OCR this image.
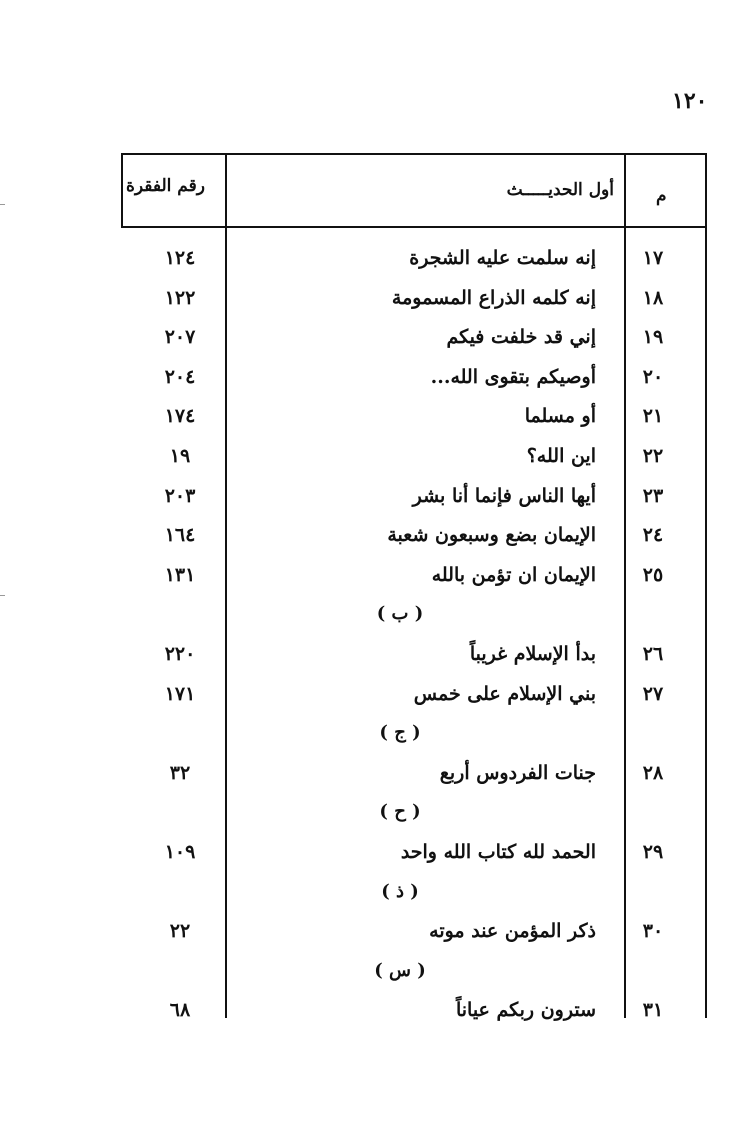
١٢٠
م
أول الحديـــــث
رقم الفقرة
١٧
إنه سلمت عليه الشجرة
١٢٤
١٨
إنه كلمه الذراع المسمومة
١٢٢
١٩
إني قد خلفت فيكم
٢٠٧
٢٠
أوصيكم بتقوى الله...
٢٠٤
٢١
أو مسلما
١٧٤
٢٢
اين الله؟
١٩
٢٣
أيها الناس فإنما أنا بشر
٢٠٣
٢٤
الإيمان بضع وسبعون شعبة
١٦٤
٢٥
الإيمان ان تؤمن بالله
١٣١
( ب )
٢٦
بدأ الإسلام غريباً
٢٢٠
٢٧
بني الإسلام على خمس
١٧١
( ج )
٢٨
جنات الفردوس أربع
٣٢
( ح )
٢٩
الحمد لله كتاب الله واحد
١٠٩
( ذ )
٣٠
ذكر المؤمن عند موته
٢٢
( س )
٣١
سترون ربكم عياناً
٦٨
